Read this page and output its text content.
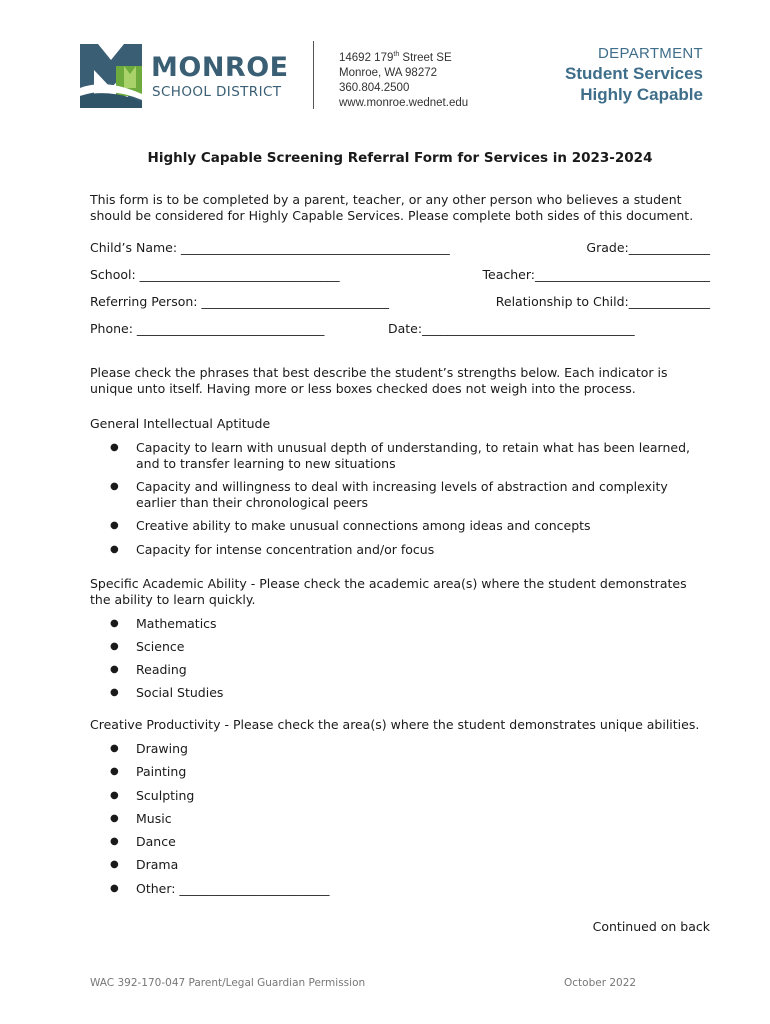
MONROE
SCHOOL DISTRICT
14692 179th Street SE
Monroe, WA 98272
360.804.2500
www.monroe.wednet.edu
DEPARTMENT
Student Services
Highly Capable
Highly Capable Screening Referral Form for Services in 2023-2024
This form is to be completed by a parent, teacher, or any other person who believes a student should be considered for Highly Capable Services. Please complete both sides of this document.
Child’s Name: ___________________________________________	Grade:_____________
School: ________________________________	Teacher:____________________________
Referring Person: ______________________________	Relationship to Child:_____________
Phone: ______________________________	Date:__________________________________
Please check the phrases that best describe the student’s strengths below. Each indicator is unique unto itself. Having more or less boxes checked does not weigh into the process.
General Intellectual Aptitude
● Capacity to learn with unusual depth of understanding, to retain what has been learned, and to transfer learning to new situations
● Capacity and willingness to deal with increasing levels of abstraction and complexity earlier than their chronological peers
● Creative ability to make unusual connections among ideas and concepts
● Capacity for intense concentration and/or focus
Specific Academic Ability - Please check the academic area(s) where the student demonstrates the ability to learn quickly.
● Mathematics
● Science
● Reading
● Social Studies
Creative Productivity - Please check the area(s) where the student demonstrates unique abilities.
● Drawing
● Painting
● Sculpting
● Music
● Dance
● Drama
● Other: ________________________
Continued on back
WAC 392-170-047 Parent/Legal Guardian Permission	October 2022
